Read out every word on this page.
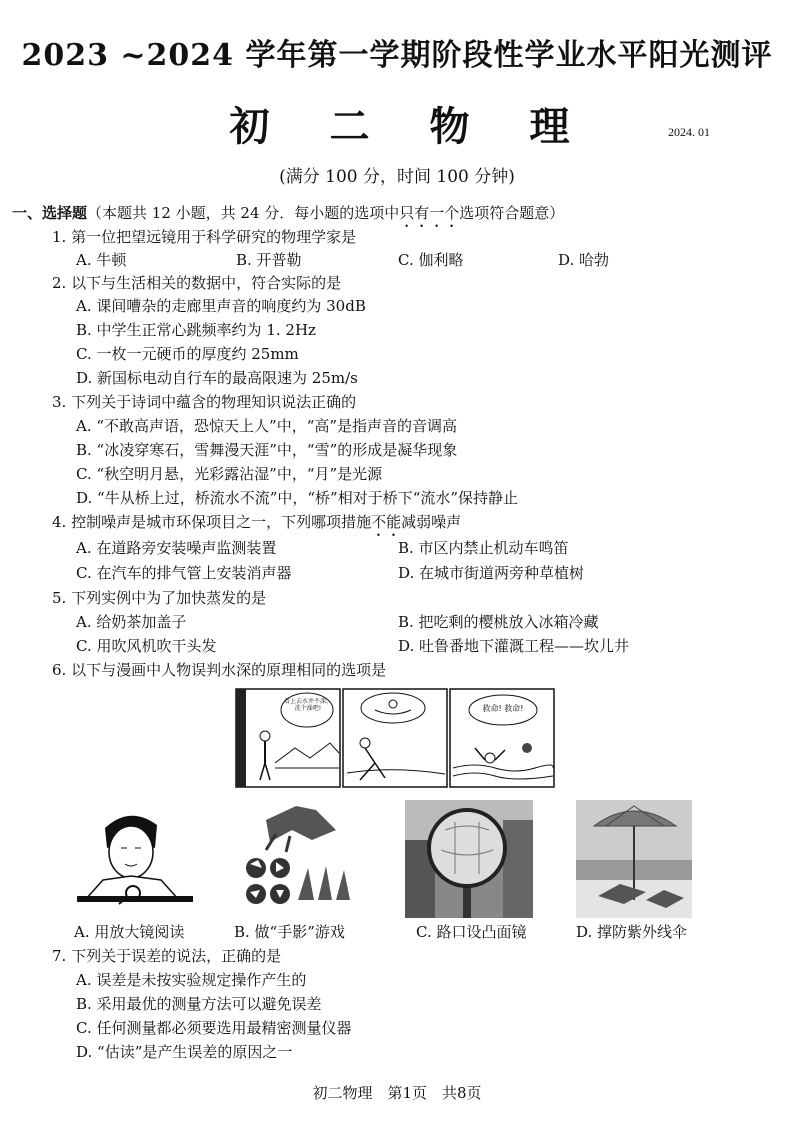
2023 ~2024 学年第一学期阶段性学业水平阳光测评
初 二 物 理	2024. 01
(满分 100 分，时间 100 分钟)
一、选择题（本题共 12 小题，共 24 分．每小题的选项中只有一个选项符合题意）
1. 第一位把望远镜用于科学研究的物理学家是
A. 牛顿	B. 开普勒	C. 伽利略	D. 哈勃
2. 以下与生活相关的数据中，符合实际的是
A. 课间嘈杂的走廊里声音的响度约为 30dB
B. 中学生正常心跳频率约为 1. 2Hz
C. 一枚一元硬币的厚度约 25mm
D. 新国标电动自行车的最高限速为 25m/s
3. 下列关于诗词中蕴含的物理知识说法正确的
A. “不敢高声语，恐惊天上人”中，“高”是指声音的音调高
B. “冰凌穿寒石，雪舞漫天涯”中，“雪”的形成是凝华现象
C. “秋空明月悬，光彩露沾湿”中，“月”是光源
D. “牛从桥上过，桥流水不流”中，“桥”相对于桥下“流水”保持静止
4. 控制噪声是城市环保项目之一，下列哪项措施不能减弱噪声
A. 在道路旁安装噪声监测装置	B. 市区内禁止机动车鸣笛
C. 在汽车的排气管上安装消声器	D. 在城市街道两旁种草植树
5. 下列实例中为了加快蒸发的是
A. 给奶茶加盖子	B. 把吃剩的樱桃放入冰箱冷藏
C. 用吹风机吹干头发	D. 吐鲁番地下灌溉工程——坎儿井
6. 以下与漫画中人物误判水深的原理相同的选项是
看上去水并不深，洗个澡吧!	救命! 救命!
A. 用放大镜阅读	B. 做“手影”游戏	C. 路口设凸面镜	D. 撑防紫外线伞
7. 下列关于误差的说法，正确的是
A. 误差是未按实验规定操作产生的
B. 采用最优的测量方法可以避免误差
C. 任何测量都必须要选用最精密测量仪器
D. “估读”是产生误差的原因之一
初二物理　第1页　共8页
